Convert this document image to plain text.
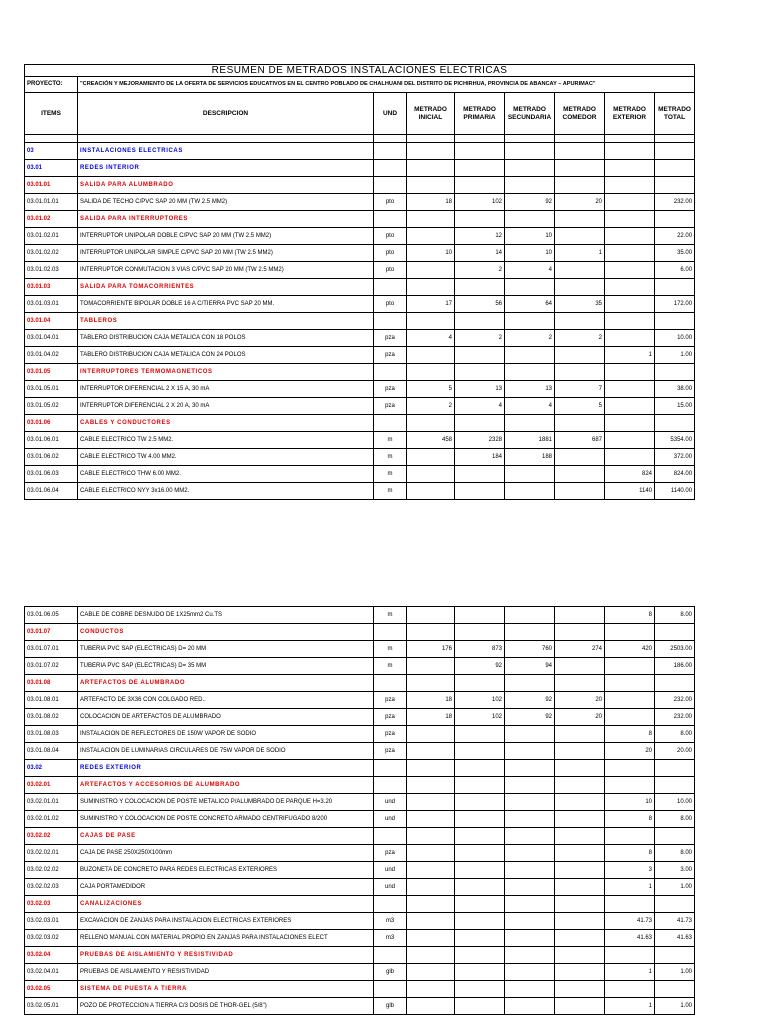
RESUMEN DE METRADOS INSTALACIONES ELECTRICAS								
PROYECTO:	"CREACIÓN Y MEJORAMIENTO DE LA OFERTA DE SERVICIOS EDUCATIVOS EN EL CENTRO POBLADO DE CHALHUANI DEL DISTRITO DE PICHIRHUA, PROVINCIA DE ABANCAY – APURIMAC"							
ITEMS	DESCRIPCION	UND	METRADO INICIAL	METRADO PRIMARIA	METRADO SECUNDARIA	METRADO COMEDOR	METRADO EXTERIOR	METRADO TOTAL

03	INSTALACIONES ELECTRICAS							
03.01	REDES INTERIOR							
03.01.01	SALIDA PARA ALUMBRADO							
03.01.01.01	SALIDA DE TECHO C/PVC SAP 20 MM (TW 2.5 MM2)	pto	18	102	92	20		232.00
03.01.02	SALIDA PARA INTERRUPTORES							
03.01.02.01	INTERRUPTOR UNIPOLAR DOBLE C/PVC SAP 20 MM (TW 2.5 MM2)	pto		12	10			22.00
03.01.02.02	INTERRUPTOR UNIPOLAR SIMPLE C/PVC SAP 20 MM (TW 2.5 MM2)	pto	10	14	10	1		35.00
03.01.02.03	INTERRUPTOR CONMUTACION 3 VIAS C/PVC SAP 20 MM (TW 2.5 MM2)	pto		2	4			6.00
03.01.03	SALIDA PARA TOMACORRIENTES							
03.01.03.01	TOMACORRIENTE BIPOLAR DOBLE 16 A C/TIERRA PVC SAP 20 MM.	pto	17	56	64	35		172.00
03.01.04	TABLEROS							
03.01.04.01	TABLERO DISTRIBUCION CAJA METALICA CON 18 POLOS	pza	4	2	2	2		10.00
03.01.04.02	TABLERO DISTRIBUCION CAJA METALICA CON 24 POLOS	pza					1	1.00
03.01.05	INTERRUPTORES TERMOMAGNETICOS							
03.01.05.01	INTERRUPTOR DIFERENCIAL 2 X 15 A, 30 mA	pza	5	13	13	7		38.00
03.01.05.02	INTERRUPTOR DIFERENCIAL 2 X 20 A, 30 mA	pza	2	4	4	5		15.00
03.01.06	CABLES Y CONDUCTORES							
03.01.06.01	CABLE ELECTRICO TW 2.5 MM2.	m	458	2328	1881	687		5354.00
03.01.06.02	CABLE ELECTRICO TW 4.00 MM2.	m		184	188			372.00
03.01.06.03	CABLE ELECTRICO THW 6.00 MM2.	m					824	824.00
03.01.06.04	CABLE ELECTRICO NYY 3x16.00 MM2.	m					1140	1140.00
03.01.06.05	CABLE DE COBRE DESNUDO DE 1X25mm2 Cu.TS	m					8	8.00
03.01.07	CONDUCTOS							
03.01.07.01	TUBERIA PVC SAP (ELECTRICAS) D= 20 MM	m	176	873	760	274	420	2503.00
03.01.07.02	TUBERIA PVC SAP (ELECTRICAS) D= 35 MM	m		92	94			186.00
03.01.08	ARTEFACTOS DE ALUMBRADO							
03.01.08.01	ARTEFACTO DE 3X36 CON COLGADO RED..	pza	18	102	92	20		232.00
03.01.08.02	COLOCACION DE ARTEFACTOS DE ALUMBRADO	pza	18	102	92	20		232.00
03.01.08.03	INSTALACION DE REFLECTORES DE 150W VAPOR DE SODIO	pza					8	8.00
03.01.08.04	INSTALACION DE LUMINARIAS CIRCULARES DE 75W VAPOR DE SODIO	pza					20	20.00
03.02	REDES EXTERIOR							
03.02.01	ARTEFACTOS Y ACCESORIOS DE ALUMBRADO							
03.02.01.01	SUMINISTRO Y COLOCACION DE POSTE METALICO P/ALUMBRADO DE PARQUE H=3.20	und					10	10.00
03.02.01.02	SUMINISTRO Y COLOCACION DE POSTE CONCRETO ARMADO CENTRIFUGADO 8/200	und					8	8.00
03.02.02	CAJAS DE PASE							
03.02.02.01	CAJA DE PASE 250X250X100mm	pza					8	8.00
03.02.02.02	BUZONETA DE CONCRETO PARA REDES ELECTRICAS EXTERIORES	und					3	3.00
03.02.02.03	CAJA PORTAMEDIDOR	und					1	1.00
03.02.03	CANALIZACIONES							
03.02.03.01	EXCAVACION DE ZANJAS PARA INSTALACION ELECTRICAS EXTERIORES	m3					41.73	41.73
03.02.03.02	RELLENO MANUAL CON MATERIAL PROPIO EN ZANJAS PARA INSTALACIONES ELECT	m3					41.63	41.63
03.02.04	PRUEBAS DE AISLAMIENTO Y RESISTIVIDAD							
03.02.04.01	PRUEBAS DE AISLAMIENTO Y RESISTIVIDAD	glb					1	1.00
03.02.05	SISTEMA DE PUESTA A TIERRA							
03.02.05.01	POZO DE PROTECCION A TIERRA C/3 DOSIS DE THOR-GEL (5/8")	glb					1	1.00
